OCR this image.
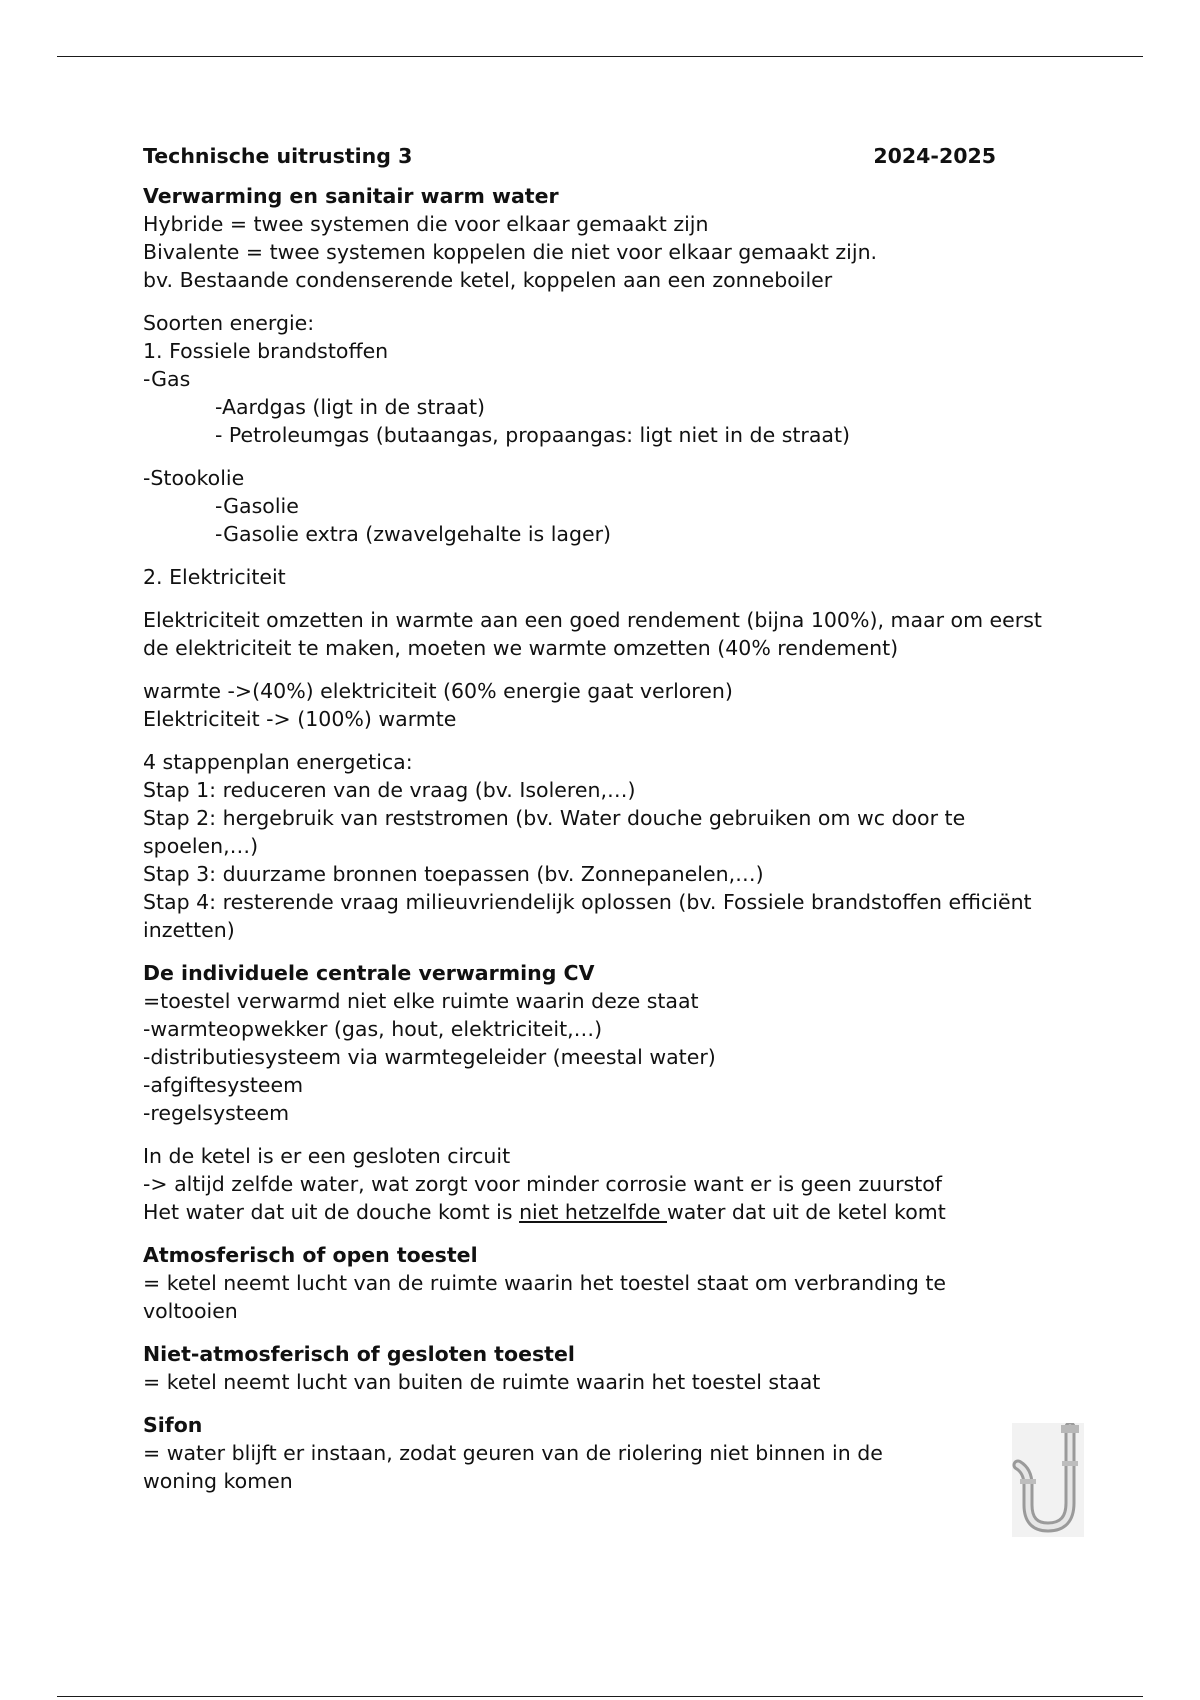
Technische uitrusting 3	2024-2025
Verwarming en sanitair warm water
Hybride = twee systemen die voor elkaar gemaakt zijn
Bivalente = twee systemen koppelen die niet voor elkaar gemaakt zijn.
bv. Bestaande condenserende ketel, koppelen aan een zonneboiler
Soorten energie:
1. Fossiele brandstoffen
-Gas
-Aardgas (ligt in de straat)
- Petroleumgas (butaangas, propaangas: ligt niet in de straat)
-Stookolie
-Gasolie
-Gasolie extra (zwavelgehalte is lager)
2. Elektriciteit
Elektriciteit omzetten in warmte aan een goed rendement (bijna 100%), maar om eerst de elektriciteit te maken, moeten we warmte omzetten (40% rendement)
warmte ->(40%) elektriciteit (60% energie gaat verloren)
Elektriciteit -> (100%) warmte
4 stappenplan energetica:
Stap 1: reduceren van de vraag (bv. Isoleren,…)
Stap 2: hergebruik van reststromen (bv. Water douche gebruiken om wc door te spoelen,…)
Stap 3: duurzame bronnen toepassen (bv. Zonnepanelen,…)
Stap 4: resterende vraag milieuvriendelijk oplossen (bv. Fossiele brandstoffen efficiënt inzetten)
De individuele centrale verwarming CV
=toestel verwarmd niet elke ruimte waarin deze staat
-warmteopwekker (gas, hout, elektriciteit,…)
-distributiesysteem via warmtegeleider (meestal water)
-afgiftesysteem
-regelsysteem
In de ketel is er een gesloten circuit
-> altijd zelfde water, wat zorgt voor minder corrosie want er is geen zuurstof
Het water dat uit de douche komt is niet hetzelfde water dat uit de ketel komt
Atmosferisch of open toestel
= ketel neemt lucht van de ruimte waarin het toestel staat om verbranding te voltooien
Niet-atmosferisch of gesloten toestel
= ketel neemt lucht van buiten de ruimte waarin het toestel staat
Sifon
= water blijft er instaan, zodat geuren van de riolering niet binnen in de woning komen
